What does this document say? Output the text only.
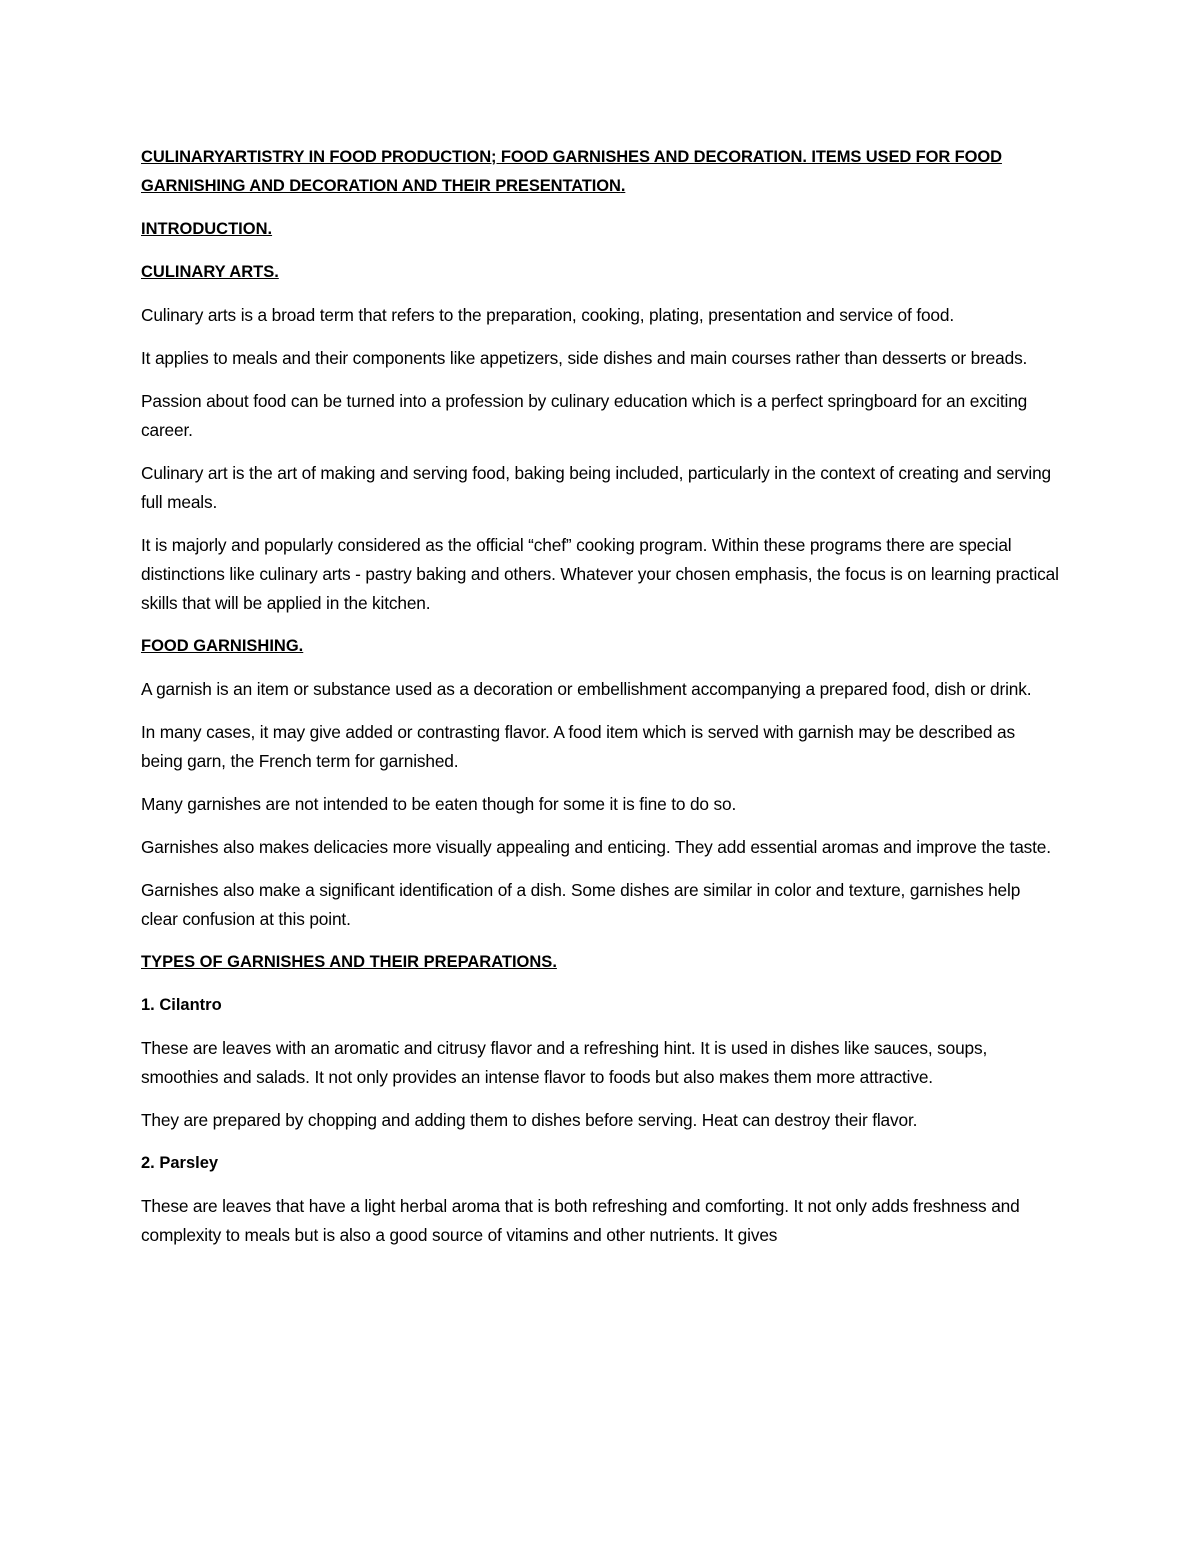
CULINARYARTISTRY IN FOOD PRODUCTION; FOOD GARNISHES AND DECORATION. ITEMS USED FOR FOOD GARNISHING AND DECORATION AND THEIR PRESENTATION.

INTRODUCTION.

CULINARY ARTS.

Culinary arts is a broad term that refers to the preparation, cooking, plating, presentation and service of food.

It applies to meals and their components like appetizers, side dishes and main courses rather than desserts or breads.

Passion about food can be turned into a profession by culinary education which is a perfect springboard for an exciting career.

Culinary art is the art of making and serving food, baking being included, particularly in the context of creating and serving full meals.

It is majorly and popularly considered as the official “chef” cooking program. Within these programs there are special distinctions like culinary arts - pastry baking and others. Whatever your chosen emphasis, the focus is on learning practical skills that will be applied in the kitchen.

FOOD GARNISHING.

A garnish is an item or substance used as a decoration or embellishment accompanying a prepared food, dish or drink.

In many cases, it may give added or contrasting flavor. A food item which is served with garnish may be described as being garn, the French term for garnished.

Many garnishes are not intended to be eaten though for some it is fine to do so.

Garnishes also makes delicacies more visually appealing and enticing. They add essential aromas and improve the taste.

Garnishes also make a significant identification of a dish. Some dishes are similar in color and texture, garnishes help clear confusion at this point.

TYPES OF GARNISHES AND THEIR PREPARATIONS.

1. Cilantro

These are leaves with an aromatic and citrusy flavor and a refreshing hint. It is used in dishes like sauces, soups, smoothies and salads. It not only provides an intense flavor to foods but also makes them more attractive.

They are prepared by chopping and adding them to dishes before serving. Heat can destroy their flavor.

2. Parsley

These are leaves that have a light herbal aroma that is both refreshing and comforting. It not only adds freshness and complexity to meals but is also a good source of vitamins and other nutrients. It gives
